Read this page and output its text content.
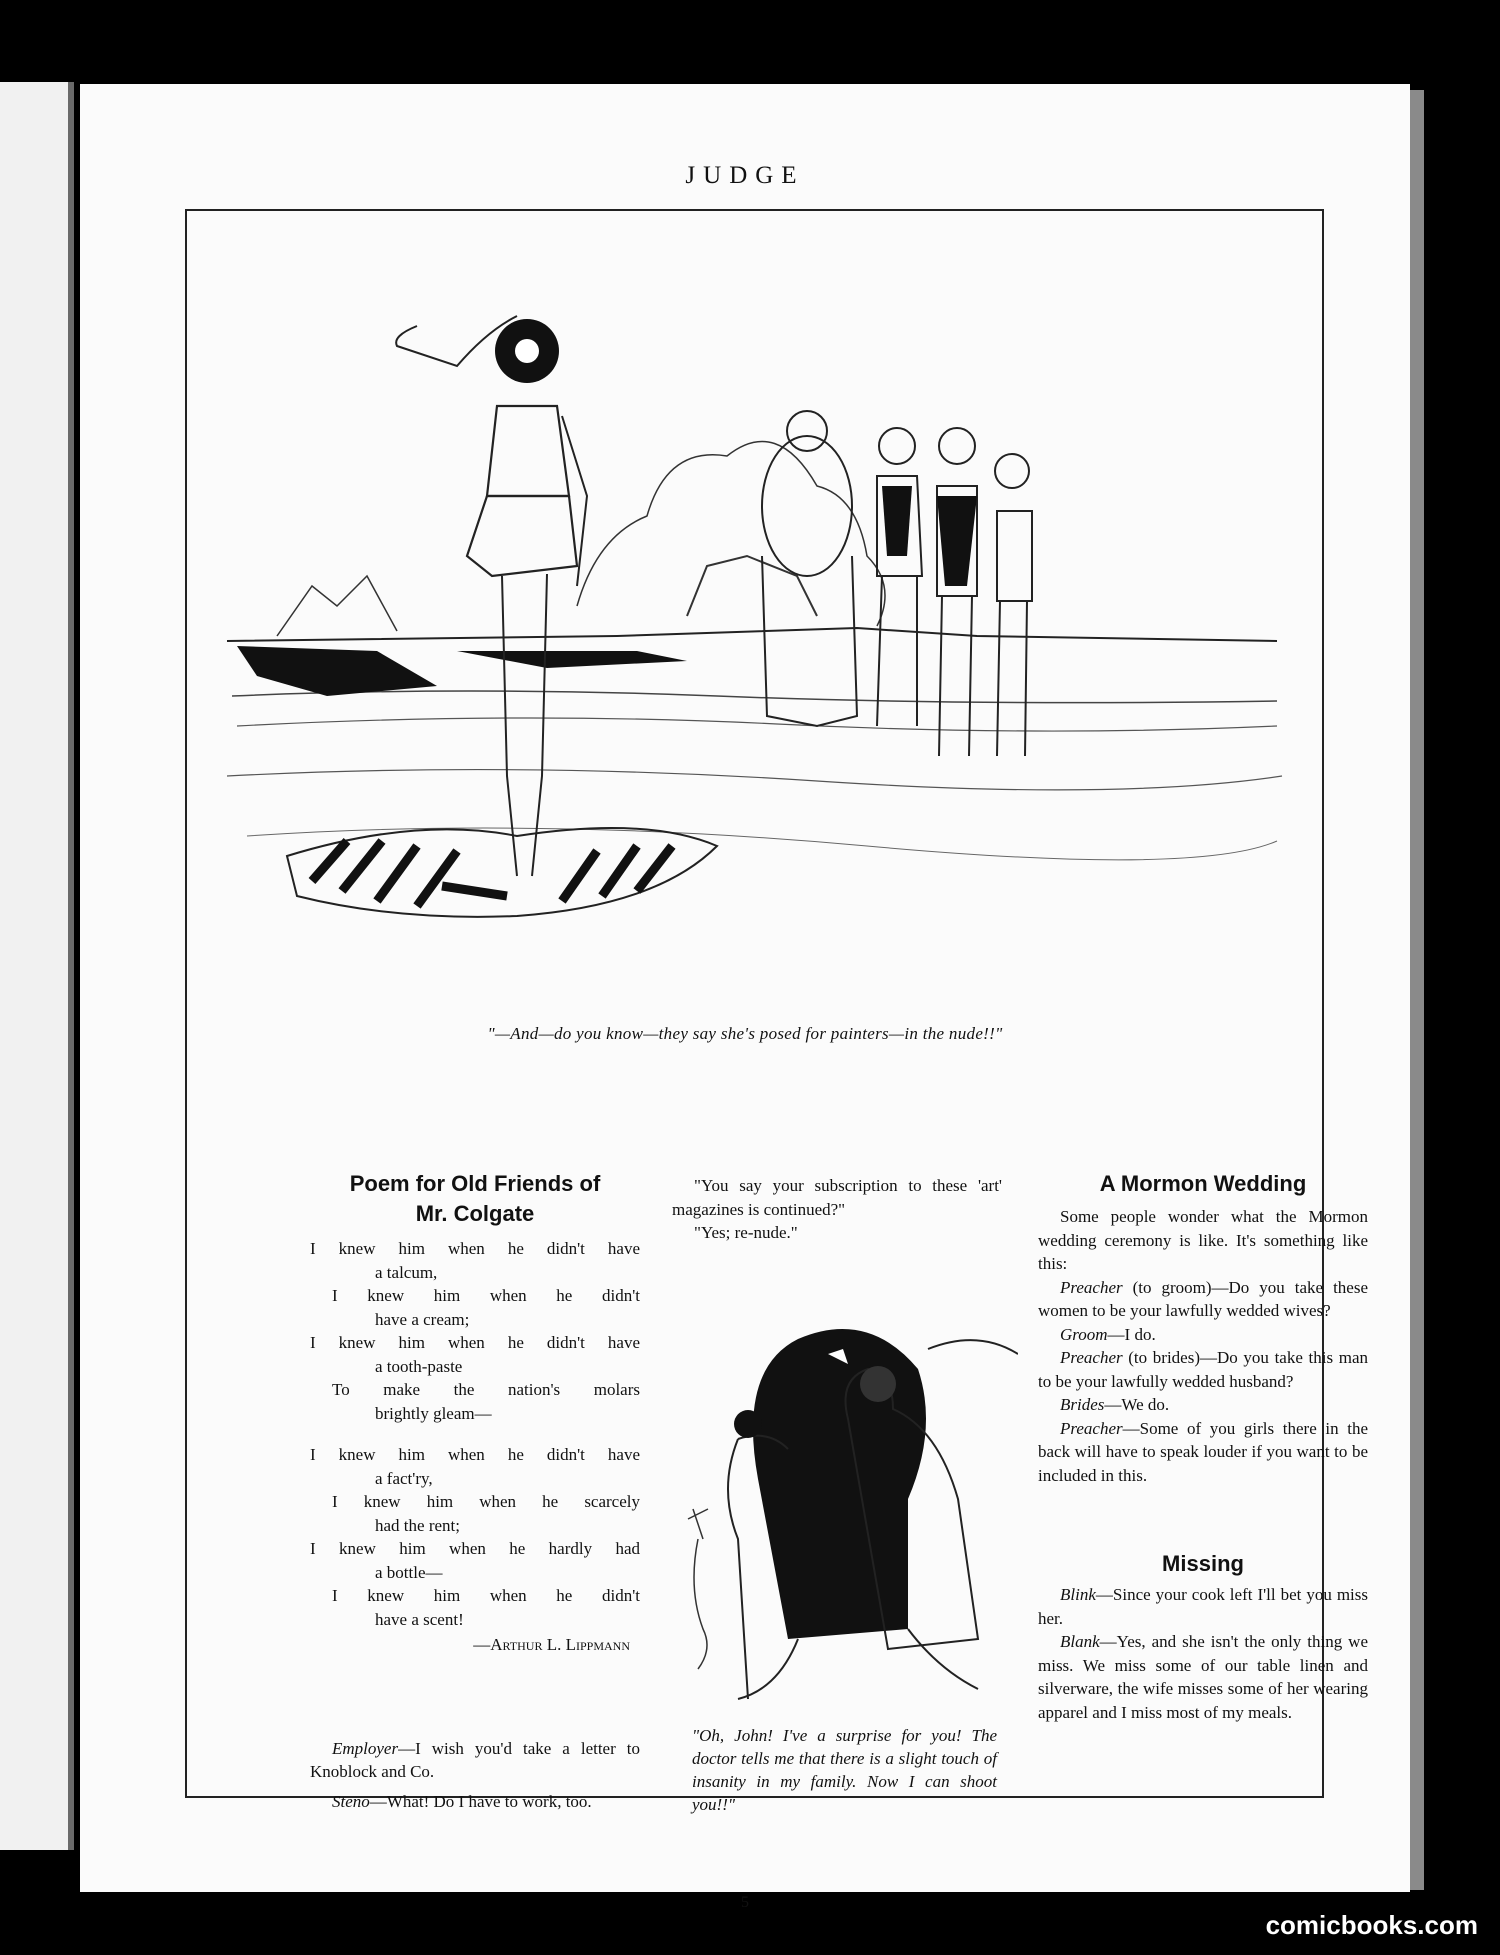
JUDGE
"—And—do you know—they say she's posed for painters—in the nude!!"
Poem for Old Friends of
Mr. Colgate
I knew him when he didn't have
a talcum,
I knew him when he didn't
have a cream;
I knew him when he didn't have
a tooth-paste
To make the nation's molars
brightly gleam—
I knew him when he didn't have
a fact'ry,
I knew him when he scarcely
had the rent;
I knew him when he hardly had
a bottle—
I knew him when he didn't
have a scent!
—Arthur L. Lippmann

Employer—I wish you'd take a letter to Knoblock and Co.

Steno—What! Do I have to work, too.

"You say your subscription to these 'art' magazines is continued?"

"Yes; re-nude."

"Oh, John! I've a surprise for you! The doctor tells me that there is a slight touch of insanity in my family. Now I can shoot you!!"
A Mormon Wedding

Some people wonder what the Mormon wedding ceremony is like. It's something like this:

Preacher (to groom)—Do you take these women to be your lawfully wedded wives?

Groom—I do.

Preacher (to brides)—Do you take this man to be your lawfully wedded husband?

Brides—We do.

Preacher—Some of you girls there in the back will have to speak louder if you want to be included in this.

Missing

Blink—Since your cook left I'll bet you miss her.

Blank—Yes, and she isn't the only thing we miss. We miss some of our table linen and silverware, the wife misses some of her wearing apparel and I miss most of my meals.

5
comicbooks.com
